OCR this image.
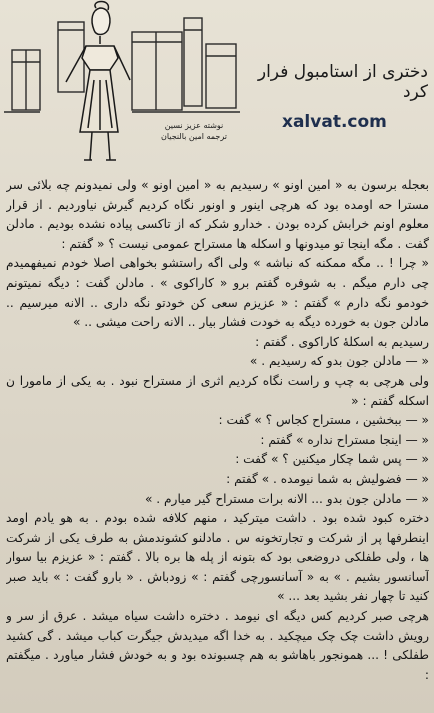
دختری از استامبول فرار کرد
نوشته عزیز نسین
ترجمه امین بالنجیان
xalvat.com

بعجله برسون به « امین اونو » رسیدیم به « امین اونو » ولی نمیدونم چه بلائی سر مسترا حه اومده بود که هرچی اینور و اونور نگاه کردیم گیرش نیاوردیم . از قرار معلوم اونم خرابش کرده بودن . خدارو شکر که از تاکسی پیاده نشده بودیم . مادلن گفت . مگه اینجا تو میدونها و اسکله ها مستراح عمومی نیست ؟ « گفتم :

« چرا ! .. مگه ممکنه که نباشه » ولی اگه راستشو بخواهی اصلا خودم نمیفهمیدم چی دارم میگم . به شوفره گفتم برو « کاراکوی » . مادلن گفت : دیگه نمیتونم خودمو نگه دارم » گفتم : « عزیزم سعی کن خودتو نگه داری .. الانه میرسیم .. مادلن جون به خورده دیگه به خودت فشار بیار .. الانه راحت میشی .. »

رسیدیم به اسکلهٔ کاراکوی . گفتم :

« — مادلن جون بدو که رسیدیم . »

ولی هرچی به چپ و راست نگاه کردیم اثری از مستراح نبود . به یکی از مامورا ن اسکله گفتم : «

« — ببخشین ، مستراح کجاس ؟ » گفت :

« — اینجا مستراح نداره » گفتم :

« — پس شما چکار میکنین ؟ » گفت :

« — فضولیش به شما نیومده . » گفتم :

« — مادلن جون بدو ... الانه برات مستراح گیر میارم . »

دختره کبود شده بود . داشت میترکید ، منهم کلافه شده بودم . به هو یادم اومد اینطرفها پر از شرکت و تجارتخونه س . مادلنو کشوندمش به طرف یکی از شرکت ها ، ولی طفلکی دروضعی بود که بتونه از پله ها بره بالا . گفتم : « عزیزم بیا سوار آسانسور بشیم . » به « آسانسورچی گفتم : » زودباش . « بارو گفت : » باید صبر کنید تا چهار نفر بشید بعد ... »

هرچی صبر کردیم کس دیگه ای نیومد . دختره داشت سیاه میشد . عرق از سر و رویش داشت چک چک میچکید . به خدا اگه میدیدش جیگرت کباب میشد . گی کشید طفلکی ! ... همونجور باهاشو به هم چسبونده بود و به خودش فشار میاورد . میگفتم :
